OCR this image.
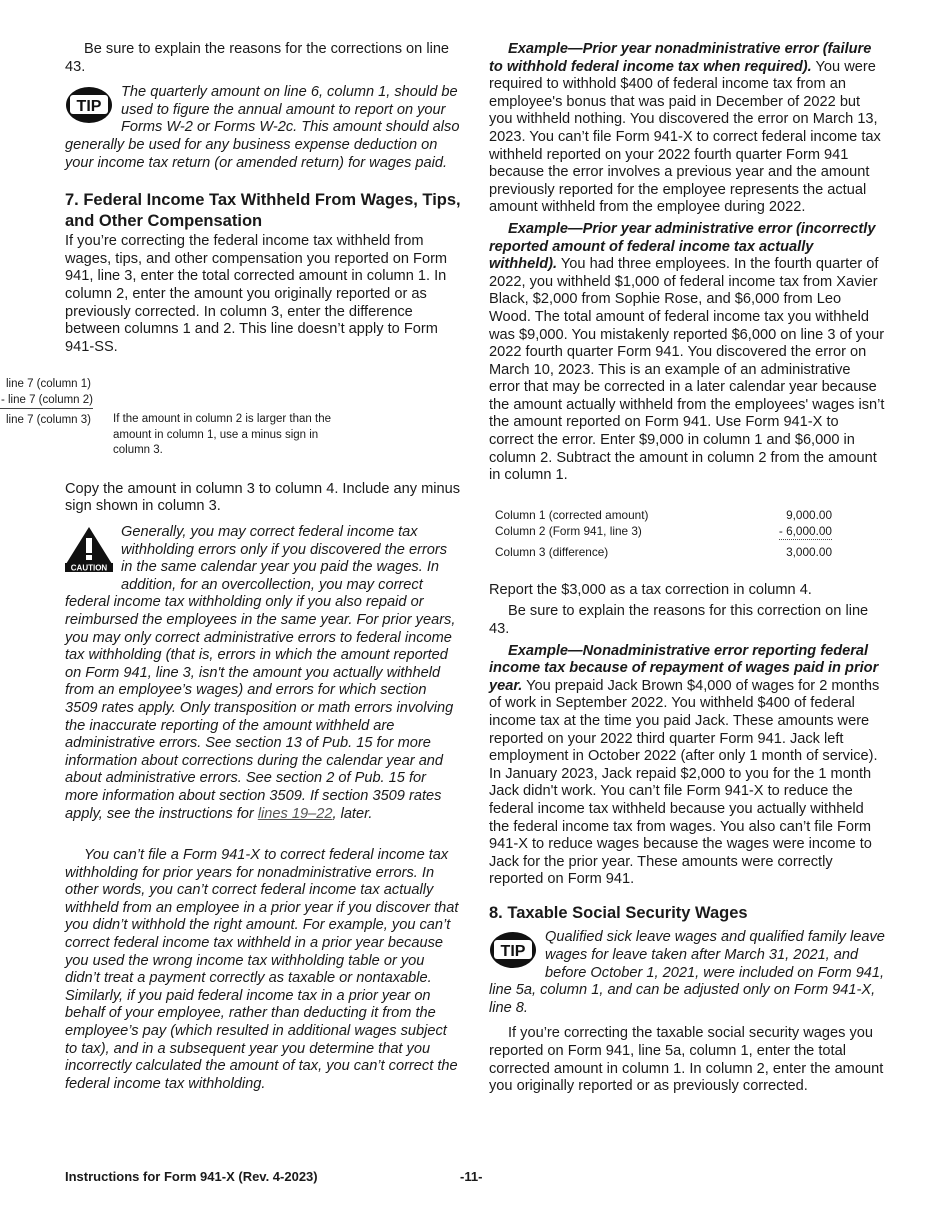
Be sure to explain the reasons for the corrections on line 43.

TIP

The quarterly amount on line 6, column 1, should be used to figure the annual amount to report on your Forms W-2 or Forms W-2c. This amount should also generally be used for any business expense deduction on your income tax return (or amended return) for wages paid.

7. Federal Income Tax Withheld From Wages, Tips, and Other Compensation

If you’re correcting the federal income tax withheld from wages, tips, and other compensation you reported on Form 941, line 3, enter the total corrected amount in column 1. In column 2, enter the amount you originally reported or as previously corrected. In column 3, enter the difference between columns 1 and 2. This line doesn’t apply to Form 941-SS.

line 7 (column 1)
- line 7 (column 2)
line 7 (column 3) If the amount in column 2 is larger than the amount in column 1, use a minus sign in column 3.

Copy the amount in column 3 to column 4. Include any minus sign shown in column 3.

CAUTION

Generally, you may correct federal income tax withholding errors only if you discovered the errors in the same calendar year you paid the wages. In addition, for an overcollection, you may correct federal income tax withholding only if you also repaid or reimbursed the employees in the same year. For prior years, you may only correct administrative errors to federal income tax withholding (that is, errors in which the amount reported on Form 941, line 3, isn't the amount you actually withheld from an employee’s wages) and errors for which section 3509 rates apply. Only transposition or math errors involving the inaccurate reporting of the amount withheld are administrative errors. See section 13 of Pub. 15 for more information about corrections during the calendar year and about administrative errors. See section 2 of Pub. 15 for more information about section 3509. If section 3509 rates apply, see the instructions for lines 19–22, later.

You can’t file a Form 941-X to correct federal income tax withholding for prior years for nonadministrative errors. In other words, you can’t correct federal income tax actually withheld from an employee in a prior year if you discover that you didn’t withhold the right amount. For example, you can’t correct federal income tax withheld in a prior year because you used the wrong income tax withholding table or you didn’t treat a payment correctly as taxable or nontaxable. Similarly, if you paid federal income tax in a prior year on behalf of your employee, rather than deducting it from the employee’s pay (which resulted in additional wages subject to tax), and in a subsequent year you determine that you incorrectly calculated the amount of tax, you can’t correct the federal income tax withholding.

Example—Prior year nonadministrative error (failure to withhold federal income tax when required). You were required to withhold $400 of federal income tax from an employee's bonus that was paid in December of 2022 but you withheld nothing. You discovered the error on March 13, 2023. You can’t file Form 941-X to correct federal income tax withheld reported on your 2022 fourth quarter Form 941 because the error involves a previous year and the amount previously reported for the employee represents the actual amount withheld from the employee during 2022.

Example—Prior year administrative error (incorrectly reported amount of federal income tax actually withheld). You had three employees. In the fourth quarter of 2022, you withheld $1,000 of federal income tax from Xavier Black, $2,000 from Sophie Rose, and $6,000 from Leo Wood. The total amount of federal income tax you withheld was $9,000. You mistakenly reported $6,000 on line 3 of your 2022 fourth quarter Form 941. You discovered the error on March 10, 2023. This is an example of an administrative error that may be corrected in a later calendar year because the amount actually withheld from the employees' wages isn’t the amount reported on Form 941. Use Form 941-X to correct the error. Enter $9,000 in column 1 and $6,000 in column 2. Subtract the amount in column 2 from the amount in column 1.

Column 1 (corrected amount)	9,000.00
Column 2 (Form 941, line 3)	- 6,000.00
Column 3 (difference)	3,000.00

Report the $3,000 as a tax correction in column 4.

Be sure to explain the reasons for this correction on line 43.

Example—Nonadministrative error reporting federal income tax because of repayment of wages paid in prior year. You prepaid Jack Brown $4,000 of wages for 2 months of work in September 2022. You withheld $400 of federal income tax at the time you paid Jack. These amounts were reported on your 2022 third quarter Form 941. Jack left employment in October 2022 (after only 1 month of service). In January 2023, Jack repaid $2,000 to you for the 1 month Jack didn't work. You can’t file Form 941-X to reduce the federal income tax withheld because you actually withheld the federal income tax from wages. You also can’t file Form 941-X to reduce wages because the wages were income to Jack for the prior year. These amounts were correctly reported on Form 941.

8. Taxable Social Security Wages
TIP

Qualified sick leave wages and qualified family leave wages for leave taken after March 31, 2021, and before October 1, 2021, were included on Form 941, line 5a, column 1, and can be adjusted only on Form 941-X, line 8.

If you’re correcting the taxable social security wages you reported on Form 941, line 5a, column 1, enter the total corrected amount in column 1. In column 2, enter the amount you originally reported or as previously corrected.

Instructions for Form 941-X (Rev. 4-2023)	-11-
